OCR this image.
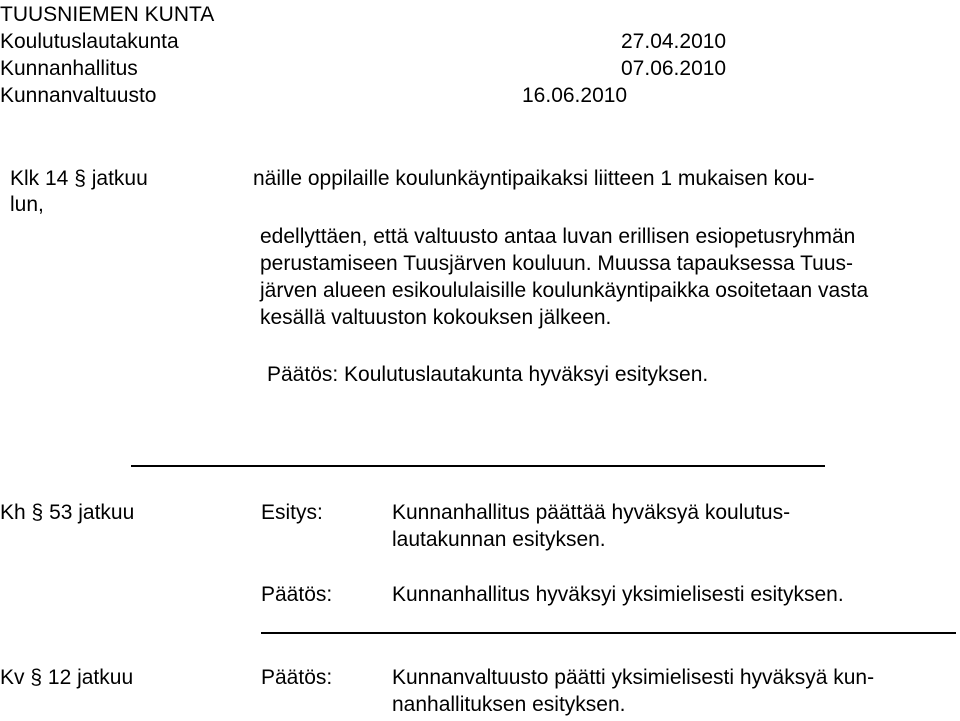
TUUSNIEMEN KUNTA
Koulutuslautakunta	27.04.2010
Kunnanhallitus	07.06.2010
Kunnanvaltuusto	16.06.2010
Klk 14 § jatkuu	näille oppilaille koulunkäyntipaikaksi liitteen 1 mukaisen kou-
lun,
edellyttäen, että valtuusto antaa luvan erillisen esiopetusryhmän
perustamiseen Tuusjärven kouluun. Muussa tapauksessa Tuus-
järven alueen esikoululaisille koulunkäyntipaikka osoitetaan vasta
kesällä valtuuston kokouksen jälkeen.
Päätös: Koulutuslautakunta hyväksyi esityksen.
Kh § 53 jatkuu	Esitys:	Kunnanhallitus päättää hyväksyä koulutus-
lautakunnan esityksen.
Päätös:	Kunnanhallitus hyväksyi yksimielisesti esityksen.
Kv § 12 jatkuu	Päätös:	Kunnanvaltuusto päätti yksimielisesti hyväksyä kun-
nanhallituksen esityksen.
